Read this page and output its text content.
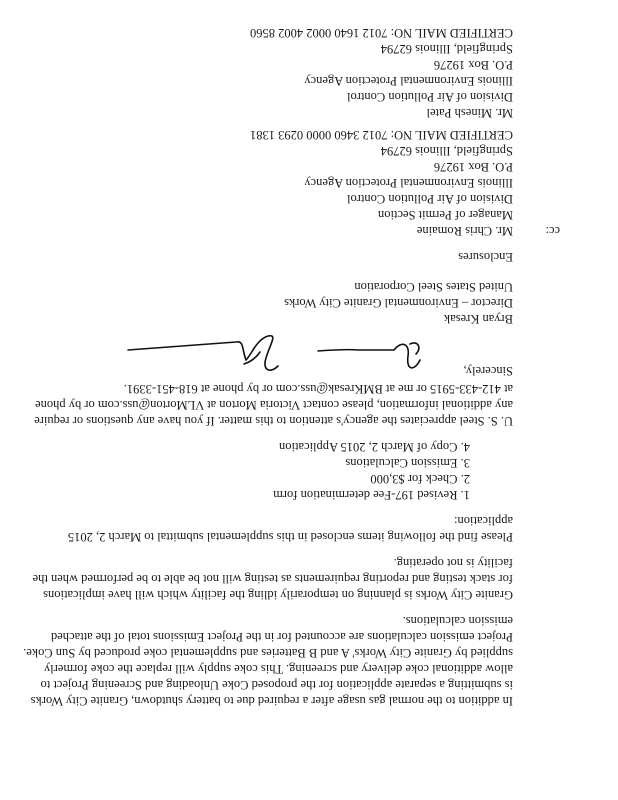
In addition to the normal gas usage after a required due to battery shutdown, Granite City Works
is submitting a separate application for the proposed Coke Unloading and Screening Project to
allow additional coke delivery and screening. This coke supply will replace the coke formerly
supplied by Granite City Works' A and B Batteries and supplemental coke produced by Sun Coke.
Project emission calculations are accounted for in the Project Emissions total of the attached
emission calculations.
Granite City Works is planning on temporarily idling the facility which will have implications
for stack testing and reporting requirements as testing will not be able to be performed when the
facility is not operating.
Please find the following items enclosed in this supplemental submittal to March 2, 2015
application:
1. Revised 197-Fee determination form
2. Check for $3,000
3. Emission Calculations
4. Copy of March 2, 2015 Application
U. S. Steel appreciates the agency's attention to this matter. If you have any questions or require
any additional information, please contact Victoria Morton at VLMorton@uss.com or by phone
at 412-433-5915 or me at BMKresak@uss.com or by phone at 618-451-3391.
Sincerely,
Bryan Kresak
Director – Environmental Granite City Works
United States Steel Corporation
Enclosures
cc:
Mr. Chris Romaine
Manager of Permit Section
Division of Air Pollution Control
Illinois Environmental Protection Agency
P.O. Box 19276
Springfield, Illinois 62794
CERTIFIED MAIL NO: 7012 3460 0000 0293 1381
Mr. Minesh Patel
Division of Air Pollution Control
Illinois Environmental Protection Agency
P.O. Box 19276
Springfield, Illinois 62794
CERTIFIED MAIL NO: 7012 1640 0002 4002 8560
